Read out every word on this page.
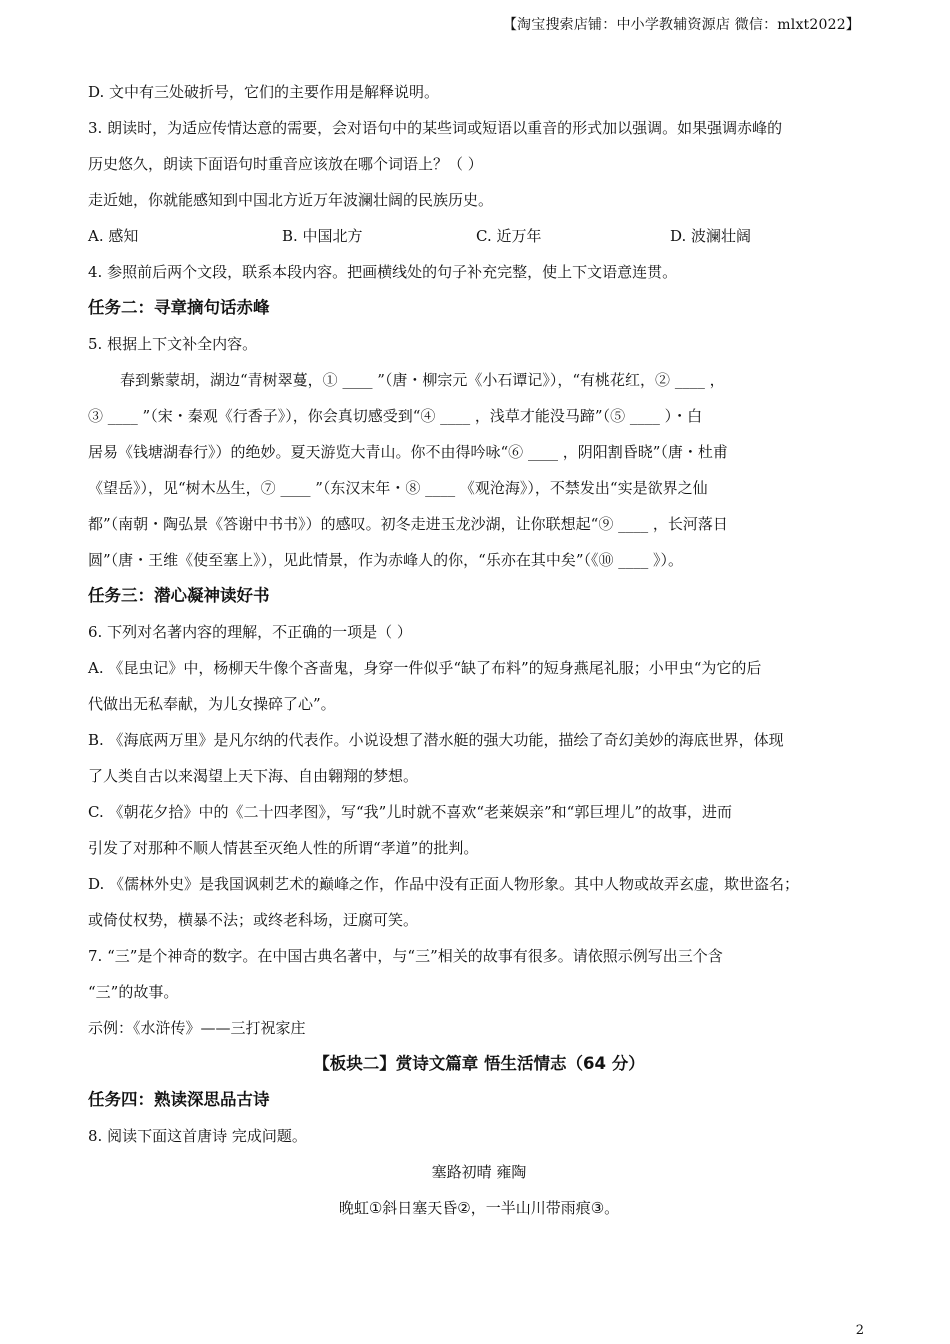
【淘宝搜索店铺：中小学教辅资源店 微信：mlxt2022】
D. 文中有三处破折号，它们的主要作用是解释说明。
3. 朗读时，为适应传情达意的需要，会对语句中的某些词或短语以重音的形式加以强调。如果强调赤峰的
历史悠久，朗读下面语句时重音应该放在哪个词语上？（ ）
走近她，你就能感知到中国北方近万年波澜壮阔的民族历史。
A. 感知	B. 中国北方	C. 近万年	D. 波澜壮阔
4. 参照前后两个文段，联系本段内容。把画横线处的句子补充完整，使上下文语意连贯。
任务二：寻章摘句话赤峰
5. 根据上下文补全内容。
春到紫蒙胡，湖边“青树翠蔓，① ____ ”（唐・柳宗元《小石谭记》），“有桃花红，② ____ ，
③ ____ ”（宋・秦观《行香子》），你会真切感受到“④ ____ ，浅草才能没马蹄”（⑤ ____ ）・白
居易《钱塘湖春行》）的绝妙。夏天游览大青山。你不由得吟咏“⑥ ____ ，阴阳割昏晓”（唐・杜甫
《望岳》），见“树木丛生，⑦ ____ ”（东汉末年・⑧ ____ 《观沧海》），不禁发出“实是欲界之仙
都”（南朝・陶弘景《答谢中书书》）的感叹。初冬走进玉龙沙湖，让你联想起“⑨ ____ ，长河落日
圆”（唐・王维《使至塞上》），见此情景，作为赤峰人的你，“乐亦在其中矣”（《⑩ ____ 》）。
任务三：潜心凝神读好书
6. 下列对名著内容的理解，不正确的一项是（ ）
A. 《昆虫记》中，杨柳天牛像个吝啬鬼，身穿一件似乎“缺了布料”的短身燕尾礼服；小甲虫“为它的后
代做出无私奉献，为儿女操碎了心”。
B. 《海底两万里》是凡尔纳的代表作。小说设想了潜水艇的强大功能，描绘了奇幻美妙的海底世界，体现
了人类自古以来渴望上天下海、自由翱翔的梦想。
C. 《朝花夕拾》中的《二十四孝图》，写“我”儿时就不喜欢“老莱娱亲”和“郭巨埋儿”的故事，进而
引发了对那种不顺人情甚至灭绝人性的所谓“孝道”的批判。
D. 《儒林外史》是我国讽刺艺术的巅峰之作，作品中没有正面人物形象。其中人物或故弄玄虚，欺世盗名；
或倚仗权势，横暴不法；或终老科场，迂腐可笑。
7. “三”是个神奇的数字。在中国古典名著中，与“三”相关的故事有很多。请依照示例写出三个含
“三”的故事。
示例：《水浒传》——三打祝家庄
【板块二】赏诗文篇章 悟生活情志（64 分）
任务四：熟读深思品古诗
8. 阅读下面这首唐诗 完成问题。
塞路初晴 雍陶
晚虹①斜日塞天昏②，一半山川带雨痕③。
2
